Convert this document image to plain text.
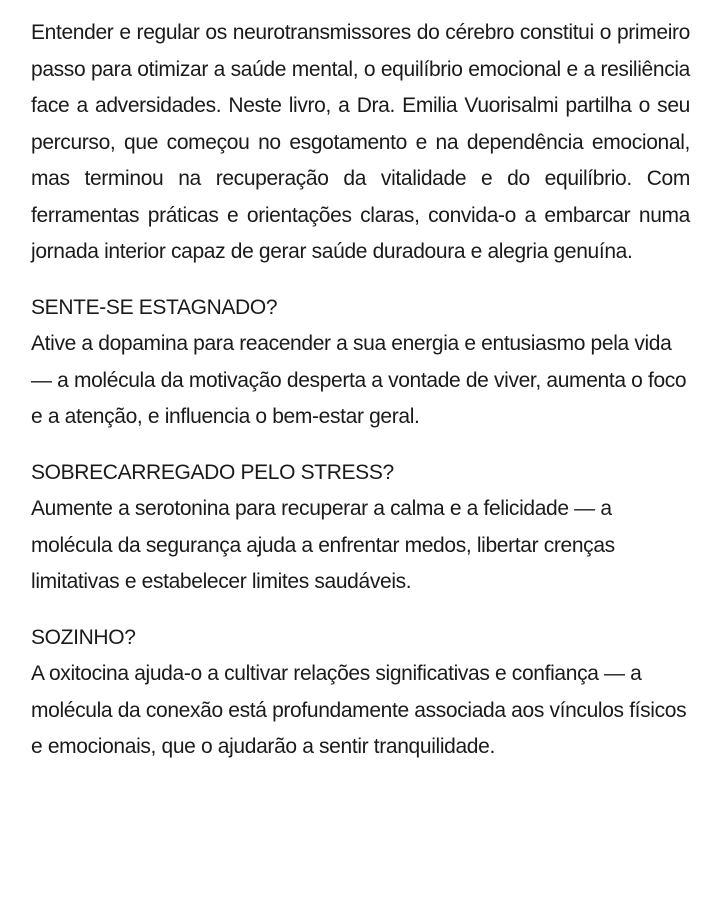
Entender e regular os neurotransmissores do cérebro constitui o primeiro passo para otimizar a saúde mental, o equilíbrio emocional e a resiliência face a adversidades. Neste livro, a Dra. Emilia Vuorisalmi partilha o seu percurso, que começou no esgotamento e na dependência emocional, mas terminou na recuperação da vitalidade e do equilíbrio. Com ferramentas práticas e orientações claras, convida-o a embarcar numa jornada interior capaz de gerar saúde duradoura e alegria genuína.

SENTE-SE ESTAGNADO?

Ative a dopamina para reacender a sua energia e entusiasmo pela vida — a molécula da motivação desperta a vontade de viver, aumenta o foco e a atenção, e influencia o bem-estar geral.

SOBRECARREGADO PELO STRESS?

Aumente a serotonina para recuperar a calma e a felicidade — a molécula da segurança ajuda a enfrentar medos, libertar crenças limitativas e estabelecer limites saudáveis.

SOZINHO?

A oxitocina ajuda-o a cultivar relações significativas e confiança — a molécula da conexão está profundamente associada aos vínculos físicos e emocionais, que o ajudarão a sentir tranquilidade.
